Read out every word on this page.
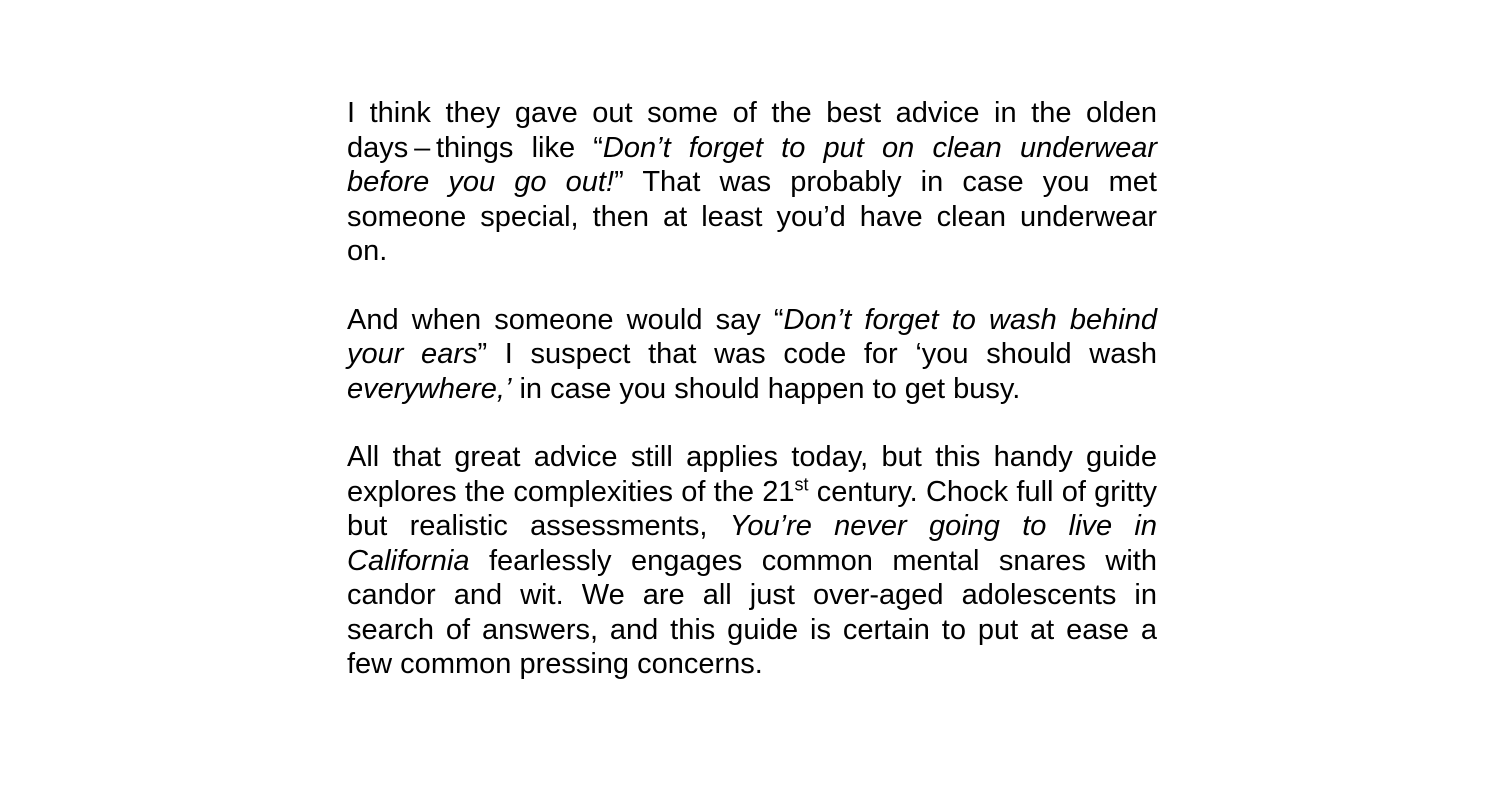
I think they gave out some of the best advice in the olden days – things like “Don’t forget to put on clean underwear before you go out!” That was probably in case you met someone special, then at least you’d have clean underwear on.

And when someone would say “Don’t forget to wash behind your ears” I suspect that was code for ‘you should wash everywhere,’ in case you should happen to get busy.

All that great advice still applies today, but this handy guide explores the complexities of the 21st century. Chock full of gritty but realistic assessments, You’re never going to live in California fearlessly engages common mental snares with candor and wit. We are all just over-aged adolescents in search of answers, and this guide is certain to put at ease a few common pressing concerns.
